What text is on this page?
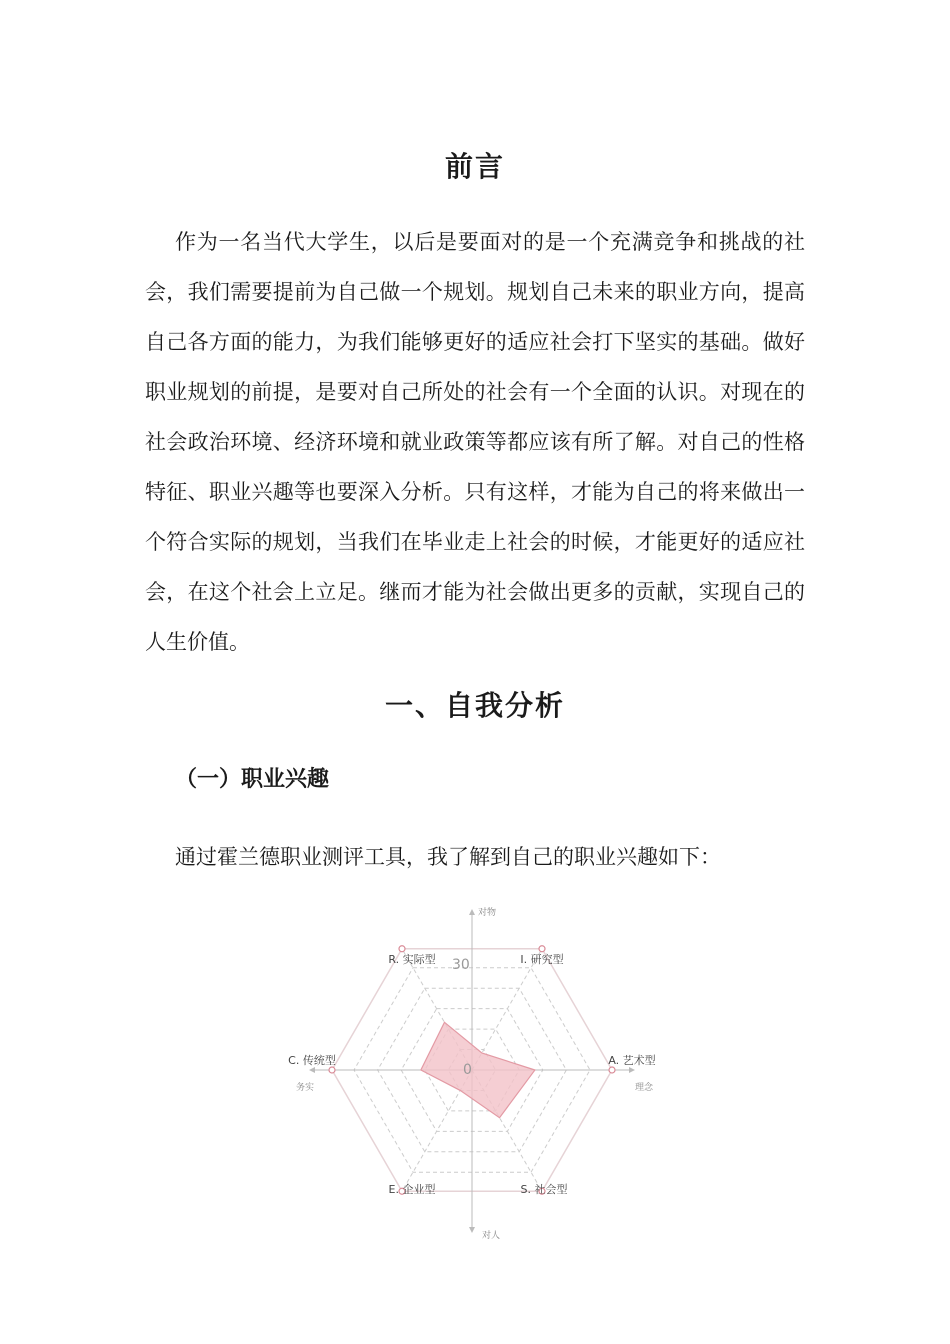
前言

作为一名当代大学生，以后是要面对的是一个充满竞争和挑战的社会，我们需要提前为自己做一个规划。规划自己未来的职业方向，提高自己各方面的能力，为我们能够更好的适应社会打下坚实的基础。做好职业规划的前提，是要对自己所处的社会有一个全面的认识。对现在的社会政治环境、经济环境和就业政策等都应该有所了解。对自己的性格特征、职业兴趣等也要深入分析。只有这样，才能为自己的将来做出一个符合实际的规划，当我们在毕业走上社会的时候，才能更好的适应社会，在这个社会上立足。继而才能为社会做出更多的贡献，实现自己的人生价值。

一、自我分析
（一）职业兴趣

通过霍兰德职业测评工具，我了解到自己的职业兴趣如下：

R. 实际型	I. 研究型
A. 艺术型
S. 社会型
E. 企业型
C. 传统型
对物
对人
务实	理念
0
30
